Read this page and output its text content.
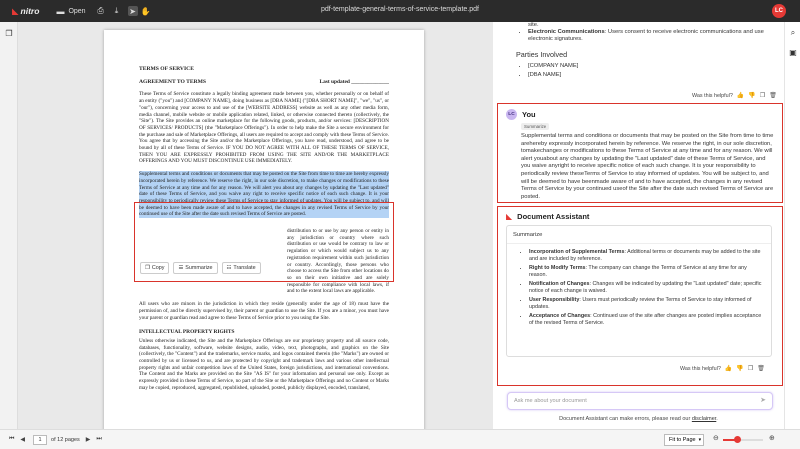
◣ nitro ▬ Open ⎙	⤓	➤ ✋	pdf-template-general-terms-of-service-template.pdf	LC
❐
TERMS OF SERVICE
AGREEMENT TO TERMS	Last updated ______________

These Terms of Service constitute a legally binding agreement made between you, whether personally or on behalf of an entity ("you") and [COMPANY NAME], doing business as [DBA NAME] ("[DBA SHORT NAME]", "we", "us", or "our"), concerning your access to and use of the [WEBSITE ADDRESS] website as well as any other media form, media channel, mobile website or mobile application related, linked, or otherwise connected thereto (collectively, the "Site"). The Site provides an online marketplace for the following goods, products, and/or services: [DESCRIPTION OF SERVICES/ PRODUCTS] (the "Marketplace Offerings"). In order to help make the Site a secure environment for the purchase and sale of Marketplace Offerings, all users are required to accept and comply with these Terms of Service. You agree that by accessing the Site and/or the Marketplace Offerings, you have read, understood, and agree to be bound by all of these Terms of Service. IF YOU DO NOT AGREE WITH ALL OF THESE TERMS OF SERVICE, THEN YOU ARE EXPRESSLY PROHIBITED FROM USING THE SITE AND/OR THE MARKETPLACE OFFERINGS AND YOU MUST DISCONTINUE USE IMMEDIATELY.

Supplemental terms and conditions or documents that may be posted on the Site from time to time are hereby expressly incorporated herein by reference. We reserve the right, in our sole discretion, to make changes or modifications to these Terms of Service at any time and for any reason. We will alert you about any changes by updating the "Last updated" date of these Terms of Service, and you waive any right to receive specific notice of each such change. It is your responsibility to periodically review these Terms of Service to stay informed of updates. You will be subject to, and will be deemed to have been made aware of and to have accepted, the changes in any revised Terms of Service by your continued use of the Site after the date such revised Terms of Service are posted.

distribution to or use by any person or entity in any jurisdiction or country where such distribution or use would be contrary to law or regulation or which would subject us to any registration requirement within such jurisdiction or country. Accordingly, those persons who choose to access the Site from other locations do so on their own initiative and are solely responsible for compliance with local laws, if and to the extent local laws are applicable.

All users who are minors in the jurisdiction in which they reside (generally under the age of 18) must have the permission of, and be directly supervised by, their parent or guardian to use the Site. If you are a minor, you must have your parent or guardian read and agree to these Terms of Service prior to you using the Site.

INTELLECTUAL PROPERTY RIGHTS

Unless otherwise indicated, the Site and the Marketplace Offerings are our proprietary property and all source code, databases, functionality, software, website designs, audio, video, text, photographs, and graphics on the Site (collectively, the "Content") and the trademarks, service marks, and logos contained therein (the "Marks") are owned or controlled by us or licensed to us, and are protected by copyright and trademark laws and various other intellectual property rights and unfair competition laws of the United States, foreign jurisdictions, and international conventions. The Content and the Marks are provided on the Site "AS IS" for your information and personal use only. Except as expressly provided in these Terms of Service, no part of the Site or the Marketplace Offerings and no Content or Marks may be copied, reproduced, aggregated, republished, uploaded, posted, publicly displayed, encoded, translated,

❐ Copy	☰ Summarize	☷ Translate
⏮ ◀	1	of 12 pages ▶ ⏭	Fit to Page ▾ ⊖	⊕
site.
• Electronic Communications: Users consent to receive electronic communications and use electronic signatures.
Parties Involved
• [COMPANY NAME]
• [DBA NAME]
Was this helpful? 👍 👎 ❐ 🗑
LC You
Summarize
Supplemental terms and conditions or documents that may be posted on the Site from time to time arehereby expressly incorporated herein by reference. We reserve the right, in our sole discretion, tomakechanges or modifications to these Terms of Service at any time and for any reason. We will alert youabout any changes by updating the "Last updated" date of these Terms of Service, and you waive anyright to receive specific notice of each such change. It is your responsibility to periodically review theseTerms of Service to stay informed of updates. You will be subject to, and will be deemed to have beenmade aware of and to have accepted, the changes in any revised Terms of Service by your continued useof the Site after the date such revised Terms of Service are posted.
◣ Document Assistant
Summarize
• Incorporation of Supplemental Terms: Additional terms or documents may be added to the site and are included by reference.
• Right to Modify Terms: The company can change the Terms of Service at any time for any reason.
• Notification of Changes: Changes will be indicated by updating the "Last updated" date; specific notice of each change is waived.
• User Responsibility: Users must periodically review the Terms of Service to stay informed of updates.
• Acceptance of Changes: Continued use of the site after changes are posted implies acceptance of the revised Terms of Service.
Was this helpful? 👍 👎 ❐ 🗑
Ask me about your document	➤
Document Assistant can make errors, please read our disclaimer.
⌕ ▣
